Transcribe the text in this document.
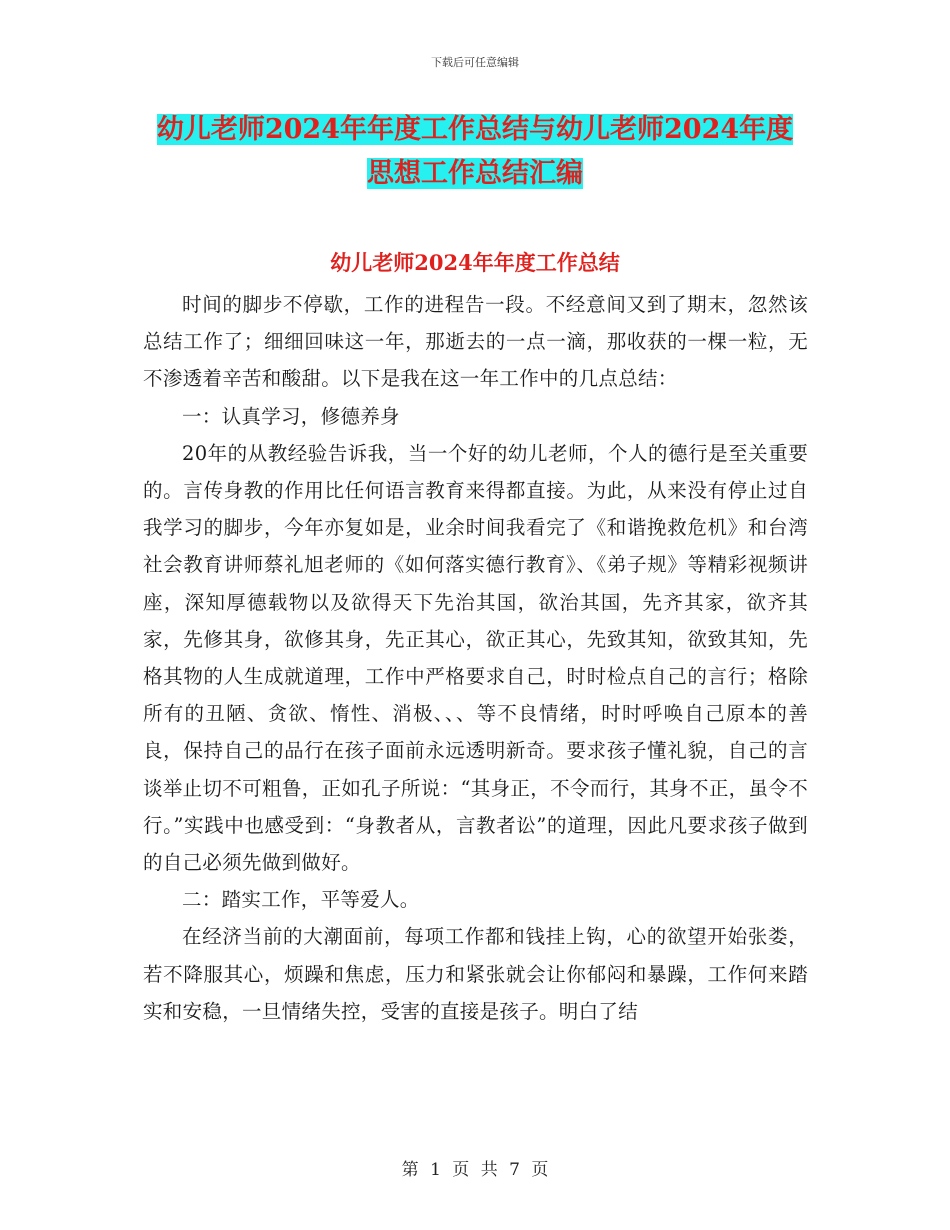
下载后可任意编辑
幼儿老师2024年年度工作总结与幼儿老师2024年度
思想工作总结汇编
幼儿老师2024年年度工作总结

时间的脚步不停歇，工作的进程告一段。不经意间又到了期末，忽然该总结工作了；细细回味这一年，那逝去的一点一滴，那收获的一棵一粒，无不渗透着辛苦和酸甜。以下是我在这一年工作中的几点总结：

一：认真学习，修德养身

20年的从教经验告诉我，当一个好的幼儿老师，个人的德行是至关重要的。言传身教的作用比任何语言教育来得都直接。为此，从来没有停止过自我学习的脚步，今年亦复如是，业余时间我看完了《和谐挽救危机》和台湾社会教育讲师蔡礼旭老师的《如何落实德行教育》、《弟子规》等精彩视频讲座，深知厚德载物以及欲得天下先治其国，欲治其国，先齐其家，欲齐其家，先修其身，欲修其身，先正其心，欲正其心，先致其知，欲致其知，先格其物的人生成就道理，工作中严格要求自己，时时检点自己的言行；格除所有的丑陋、贪欲、惰性、消极、、、等不良情绪，时时呼唤自己原本的善良，保持自己的品行在孩子面前永远透明新奇。要求孩子懂礼貌，自己的言谈举止切不可粗鲁，正如孔子所说：“其身正，不令而行，其身不正，虽令不行。”实践中也感受到：“身教者从，言教者讼”的道理，因此凡要求孩子做到的自己必须先做到做好。

二：踏实工作，平等爱人。

在经济当前的大潮面前，每项工作都和钱挂上钩，心的欲望开始张娄，若不降服其心，烦躁和焦虑，压力和紧张就会让你郁闷和暴躁，工作何来踏实和安稳，一旦情绪失控，受害的直接是孩子。明白了结

第 1 页 共 7 页
